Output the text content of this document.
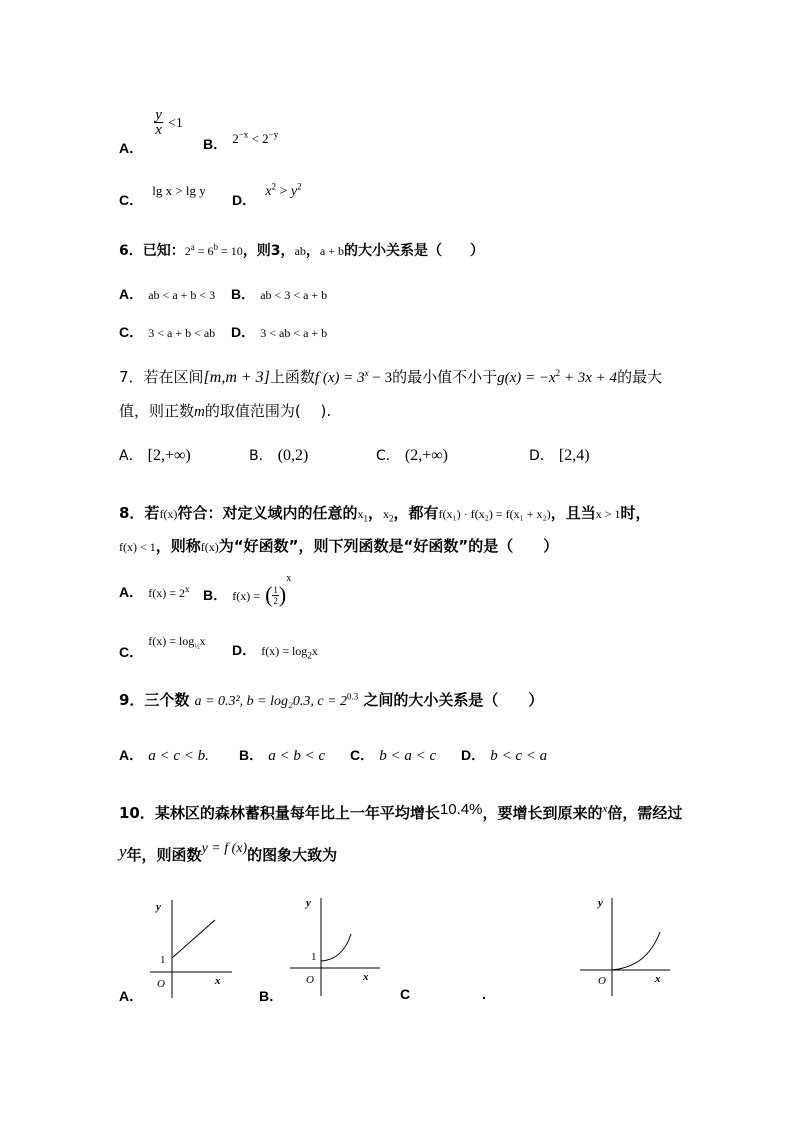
A．
$\frac{y}{x} <1$
B． $2^{-x} < 2^{-y}$
C． lg x > lg y
D． $x^2 > y^2$
6．已知：$2^a = 6^b = 10$，则3，ab，a + b的大小关系是（　　）
A． ab < a + b < 3 B． ab < 3 < a + b
C． 3 < a + b < ab D． 3 < ab < a + b
7．若在区间[m,m + 3]上函数f $(x) = 3^x - 3$的最小值不小于$g(x) = -x^2 + 3x + 4$的最大
值，则正数m的取值范围为(　 ).
A． [2,+∞)	B． (0,2)	C． (2,+∞)	D． [2,4)
8．若f(x)符合：对定义域内的任意的$x_1$，$x_2$，都有f(x₁) · f(x₂) = f(x₁ + x₂)，且当x > 1时，
f(x) < 1，则称f(x)为“好函数”，则下列函数是“好函数”的是（　　）
A． $f(x) = 2^x$ B． $_{f(x) =}$ ( $\frac{1}{2} )^x$
C． $f(x) = \log_{\frac{1}{2}}x$
D． $f(x) = \log_2x$
9．三个数 a = 0.3², b = log₂0.3, $c = 2^{0.3}$ 之间的大小关系是（　　）
A． a < c < b. B． a < b < c C． b < a < c D． b < c < a
10．某林区的森林蓄积量每年比上一年平均增长10.4%，要增长到原来的$^x$倍，需经过
y年，则函数y = f (x)的图象大致为
y
x
O
1
A．
y
x
O
1
B．	C	.
y
x
O
